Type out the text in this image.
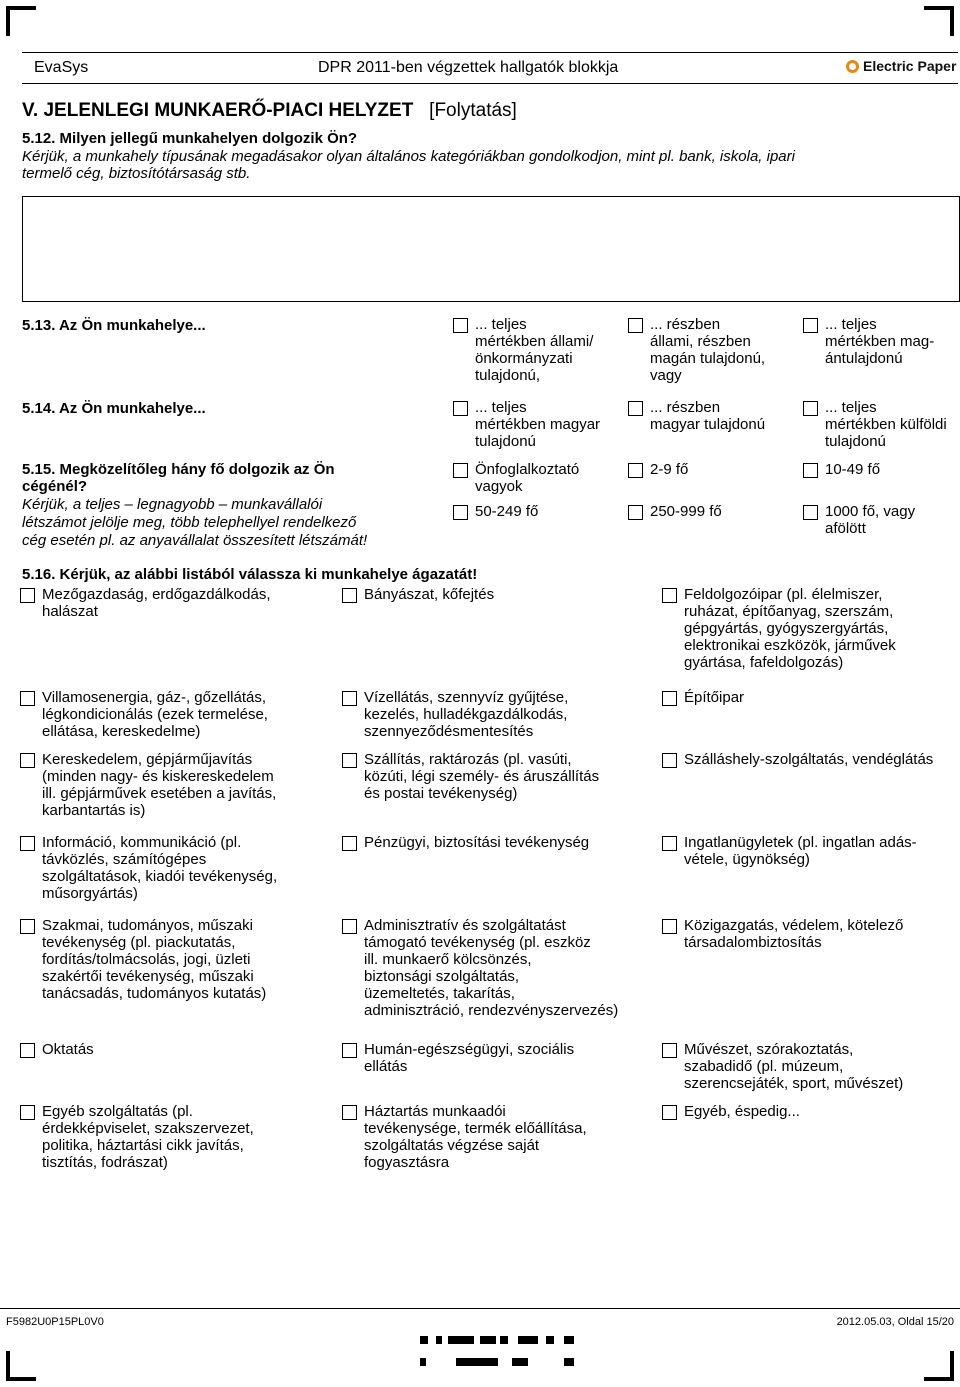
EvaSys	DPR 2011-ben végzettek hallgatók blokkja	Electric Paper
V. JELENLEGI MUNKAERŐ-PIACI HELYZET [Folytatás]
5.12. Milyen jellegű munkahelyen dolgozik Ön?
Kérjük, a munkahely típusának megadásakor olyan általános kategóriákban gondolkodjon, mint pl. bank, iskola, ipari
termelő cég, biztosítótársaság stb.
5.13. Az Ön munkahelye...	... teljes
mértékben állami/
önkormányzati
tulajdonú,
... részben
állami, részben
magán tulajdonú,
vagy
... teljes
mértékben mag-
ántulajdonú
5.14. Az Ön munkahelye...	... teljes
mértékben magyar
tulajdonú
... részben
magyar tulajdonú
... teljes
mértékben külföldi
tulajdonú
5.15. Megközelítőleg hány fő dolgozik az Ön
cégénél?
Kérjük, a teljes – legnagyobb – munkavállalói
létszámot jelölje meg, több telephellyel rendelkező
cég esetén pl. az anyavállalat összesített létszámát!
Önfoglalkoztató
vagyok
2-9 fő	10-49 fő
50-249 fő	250-999 fő	1000 fő, vagy
afölött
5.16. Kérjük, az alábbi listából válassza ki munkahelye ágazatát!
Mezőgazdaság, erdőgazdálkodás,
halászat
Bányászat, kőfejtés	Feldolgozóipar (pl. élelmiszer,
ruházat, építőanyag, szerszám,
gépgyártás, gyógyszergyártás,
elektronikai eszközök, járművek
gyártása, fafeldolgozás)
Villamosenergia, gáz-, gőzellátás,
légkondicionálás (ezek termelése,
ellátása, kereskedelme)
Vízellátás, szennyvíz gyűjtése,
kezelés, hulladékgazdálkodás,
szennyeződésmentesítés
Építőipar
Kereskedelem, gépjárműjavítás
(minden nagy- és kiskereskedelem
ill. gépjárművek esetében a javítás,
karbantartás is)
Szállítás, raktározás (pl. vasúti,
közúti, légi személy- és áruszállítás
és postai tevékenység)
Szálláshely-szolgáltatás, vendéglátás
Információ, kommunikáció (pl.
távközlés, számítógépes
szolgáltatások, kiadói tevékenység,
műsorgyártás)
Pénzügyi, biztosítási tevékenység	Ingatlanügyletek (pl. ingatlan adás-
vétele, ügynökség)
Szakmai, tudományos, műszaki
tevékenység (pl. piackutatás,
fordítás/tolmácsolás, jogi, üzleti
szakértői tevékenység, műszaki
tanácsadás, tudományos kutatás)
Adminisztratív és szolgáltatást
támogató tevékenység (pl. eszköz
ill. munkaerő kölcsönzés,
biztonsági szolgáltatás,
üzemeltetés, takarítás,
adminisztráció, rendezvényszervezés)
Közigazgatás, védelem, kötelező
társadalombiztosítás
Oktatás	Humán-egészségügyi, szociális
ellátás
Művészet, szórakoztatás,
szabadidő (pl. múzeum,
szerencsejáték, sport, művészet)
Egyéb szolgáltatás (pl.
érdekképviselet, szakszervezet,
politika, háztartási cikk javítás,
tisztítás, fodrászat)
Háztartás munkaadói
tevékenysége, termék előállítása,
szolgáltatás végzése saját
fogyasztásra
Egyéb, éspedig...
F5982U0P15PL0V0	2012.05.03, Oldal 15/20
